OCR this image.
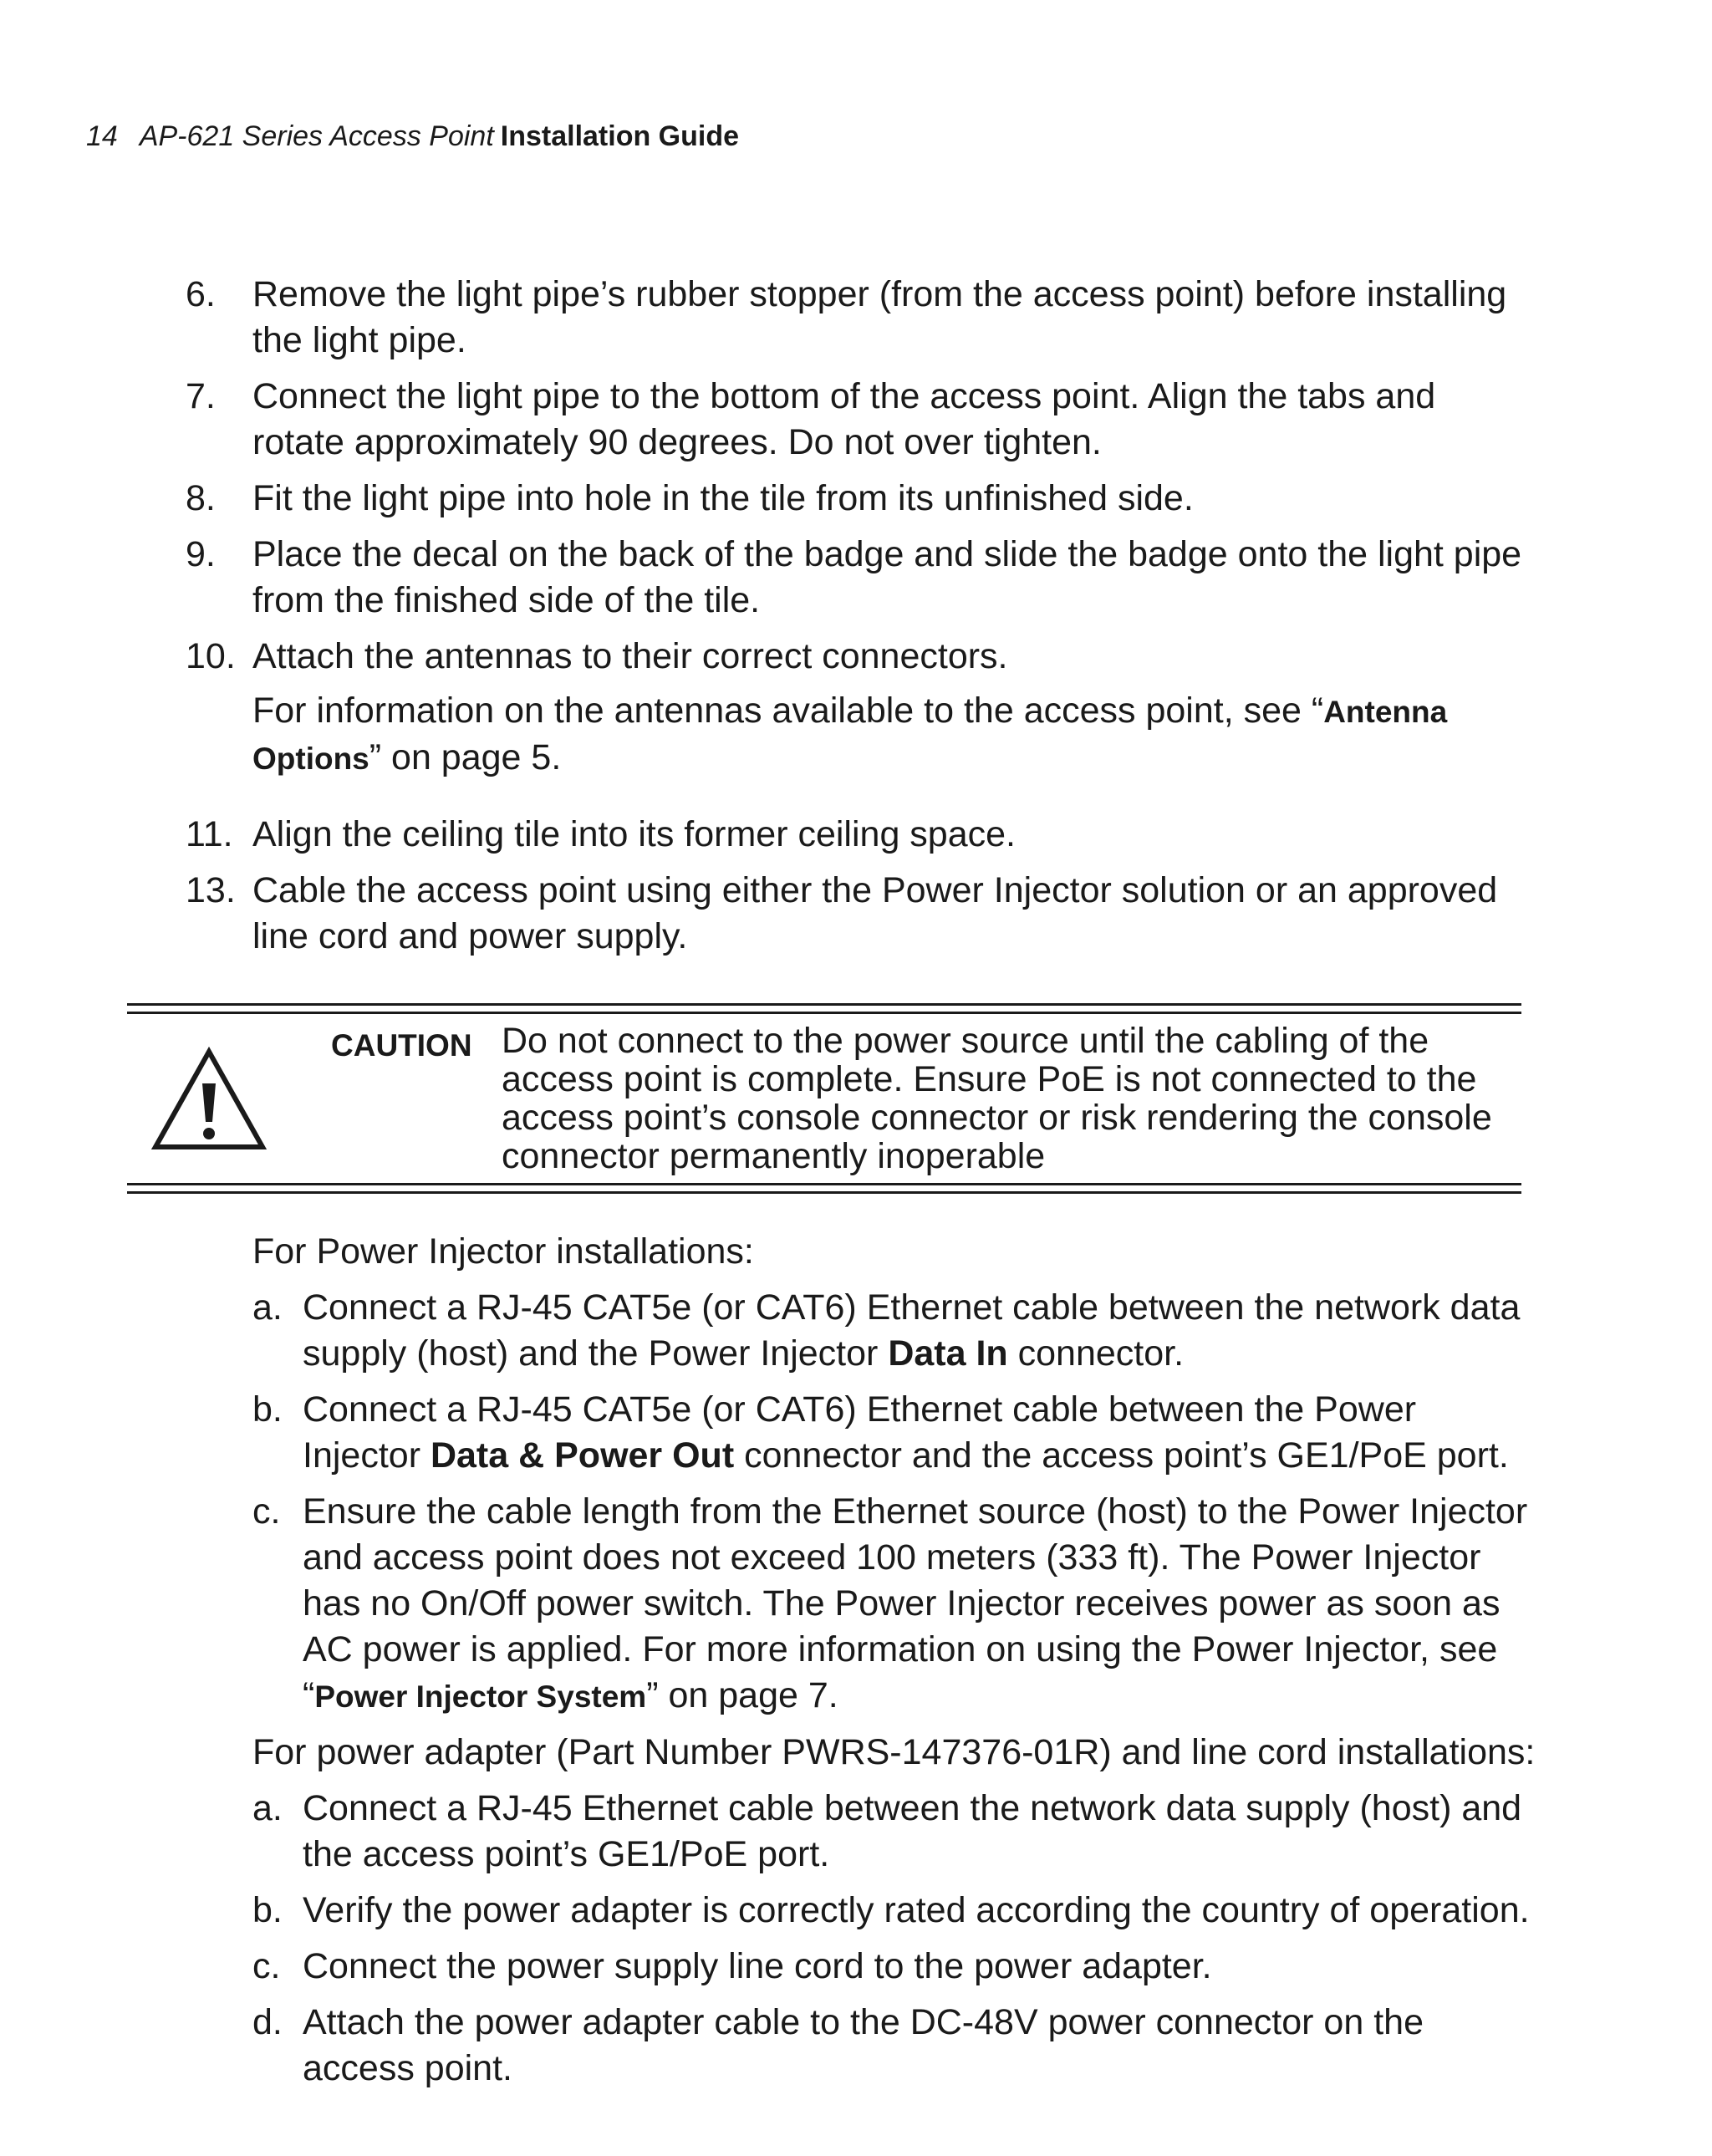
14 AP-621 Series Access Point Installation Guide
6. Remove the light pipe’s rubber stopper (from the access point) before installing the light pipe.
7. Connect the light pipe to the bottom of the access point. Align the tabs and rotate approximately 90 degrees. Do not over tighten.
8. Fit the light pipe into hole in the tile from its unfinished side.
9. Place the decal on the back of the badge and slide the badge onto the light pipe from the finished side of the tile.
10. Attach the antennas to their correct connectors.
For information on the antennas available to the access point, see “Antenna Options” on page 5.
11. Align the ceiling tile into its former ceiling space.
13. Cable the access point using either the Power Injector solution or an approved line cord and power supply.
CAUTION Do not connect to the power source until the cabling of the access point is complete. Ensure PoE is not connected to the access point’s console connector or risk rendering the console connector permanently inoperable
For Power Injector installations:
a. Connect a RJ-45 CAT5e (or CAT6) Ethernet cable between the network data supply (host) and the Power Injector Data In connector.
b. Connect a RJ-45 CAT5e (or CAT6) Ethernet cable between the Power Injector Data & Power Out connector and the access point’s GE1/PoE port.
c. Ensure the cable length from the Ethernet source (host) to the Power Injector and access point does not exceed 100 meters (333 ft). The Power Injector has no On/Off power switch. The Power Injector receives power as soon as AC power is applied. For more information on using the Power Injector, see “Power Injector System” on page 7.
For power adapter (Part Number PWRS-147376-01R) and line cord installations:
a. Connect a RJ-45 Ethernet cable between the network data supply (host) and the access point’s GE1/PoE port.
b. Verify the power adapter is correctly rated according the country of operation.
c. Connect the power supply line cord to the power adapter.
d. Attach the power adapter cable to the DC-48V power connector on the access point.
